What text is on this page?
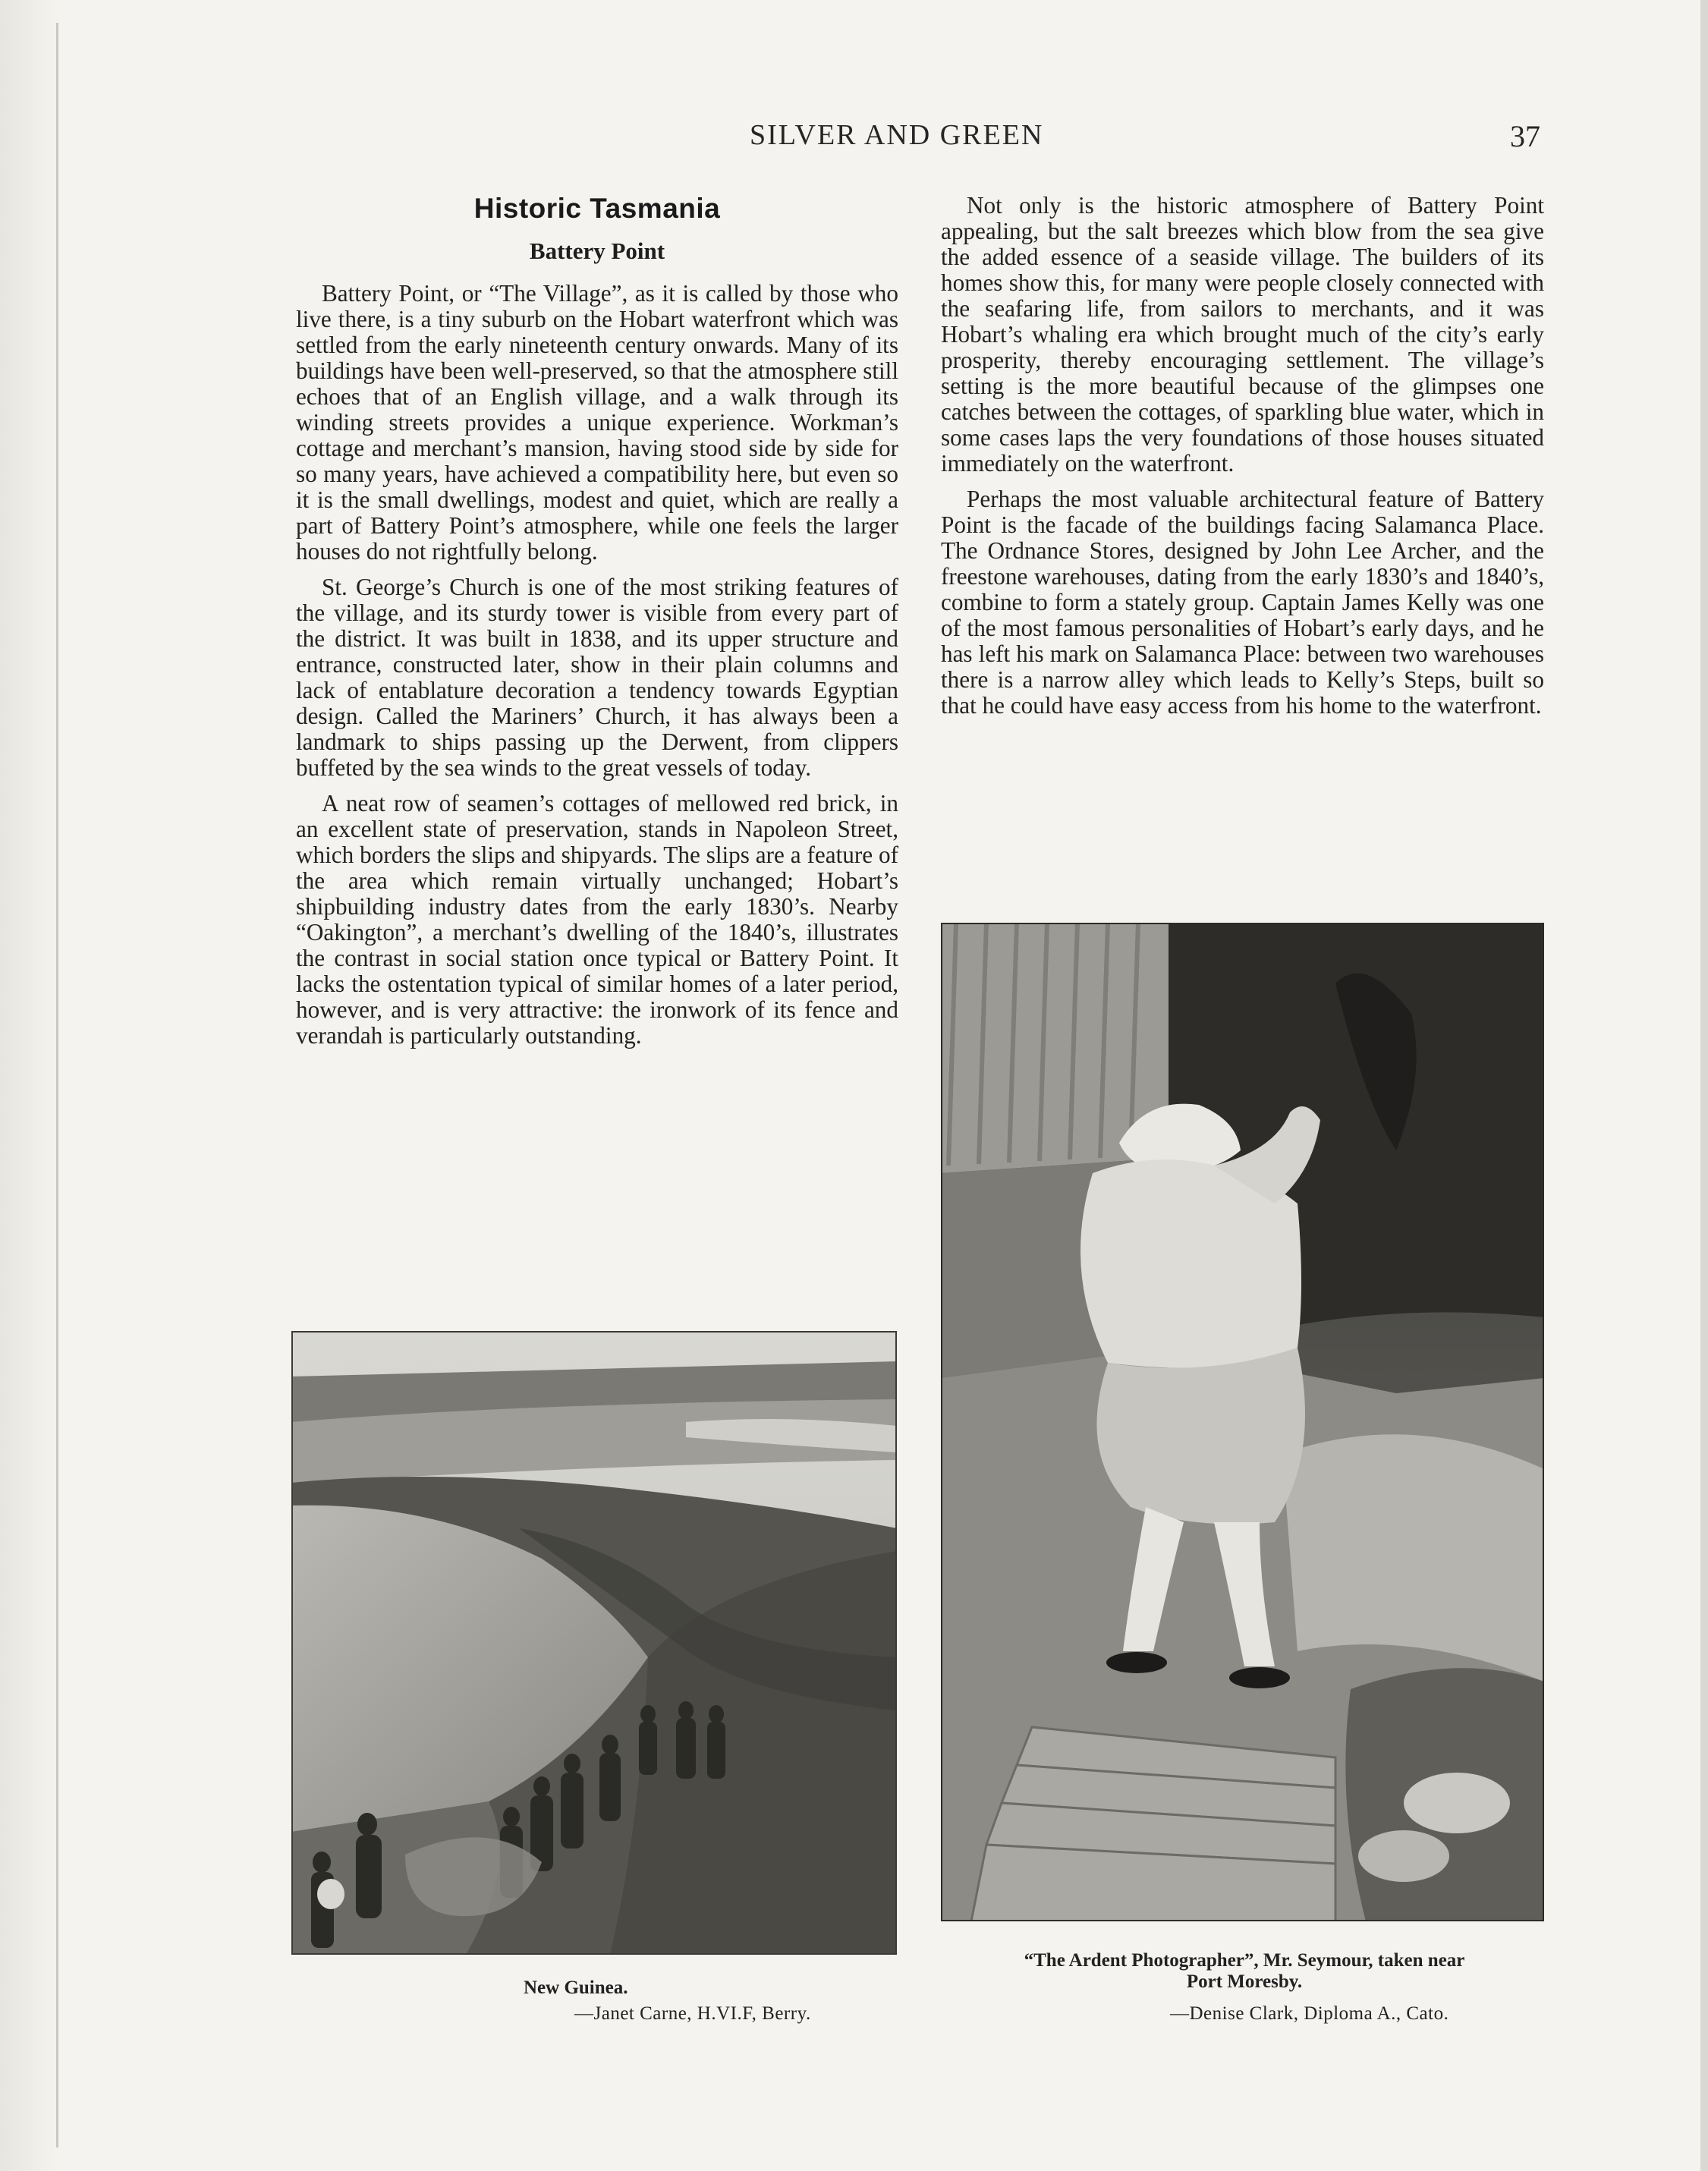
SILVER AND GREEN	37
Historic Tasmania
Battery Point

Battery Point, or “The Village”, as it is called by those who live there, is a tiny suburb on the Hobart waterfront which was settled from the early nineteenth century onwards. Many of its buildings have been well-preserved, so that the atmosphere still echoes that of an English village, and a walk through its winding streets provides a unique experience. Workman’s cottage and merchant’s mansion, having stood side by side for so many years, have achieved a compatibility here, but even so it is the small dwellings, modest and quiet, which are really a part of Battery Point’s atmosphere, while one feels the larger houses do not rightfully belong.

St. George’s Church is one of the most striking features of the village, and its sturdy tower is visible from every part of the district. It was built in 1838, and its upper structure and entrance, constructed later, show in their plain columns and lack of entablature decoration a tendency towards Egyptian design. Called the Mariners’ Church, it has always been a landmark to ships passing up the Derwent, from clippers buffeted by the sea winds to the great vessels of today.

A neat row of seamen’s cottages of mellowed red brick, in an excellent state of preservation, stands in Napoleon Street, which borders the slips and shipyards. The slips are a feature of the area which remain virtually unchanged; Hobart’s shipbuilding industry dates from the early 1830’s. Nearby “Oakington”, a merchant’s dwelling of the 1840’s, illustrates the contrast in social station once typical or Battery Point. It lacks the ostentation typical of similar homes of a later period, however, and is very attractive: the ironwork of its fence and verandah is particularly outstanding.

Not only is the historic atmosphere of Battery Point appealing, but the salt breezes which blow from the sea give the added essence of a seaside village. The builders of its homes show this, for many were people closely connected with the seafaring life, from sailors to merchants, and it was Hobart’s whaling era which brought much of the city’s early prosperity, thereby encouraging settlement. The village’s setting is the more beautiful because of the glimpses one catches between the cottages, of sparkling blue water, which in some cases laps the very foundations of those houses situated immediately on the waterfront.

Perhaps the most valuable architectural feature of Battery Point is the facade of the buildings facing Salamanca Place. The Ordnance Stores, designed by John Lee Archer, and the freestone warehouses, dating from the early 1830’s and 1840’s, combine to form a stately group. Captain James Kelly was one of the most famous personalities of Hobart’s early days, and he has left his mark on Salamanca Place: between two warehouses there is a narrow alley which leads to Kelly’s Steps, built so that he could have easy access from his home to the waterfront.

New Guinea.
—Janet Carne, H.VI.F, Berry.
“The Ardent Photographer”, Mr. Seymour, taken near Port Moresby.
—Denise Clark, Diploma A., Cato.
